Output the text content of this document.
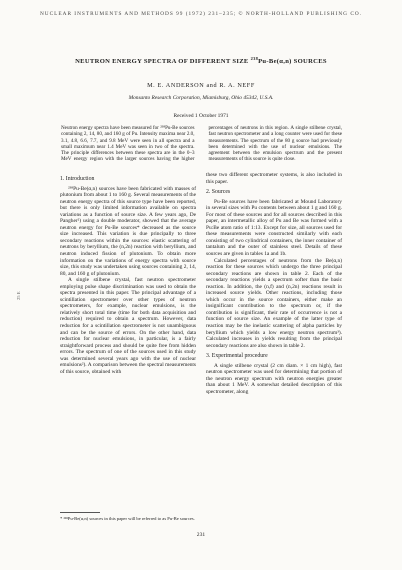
NUCLEAR INSTRUMENTS AND METHODS 99 (1972) 231–235; © NORTH-HOLLAND PUBLISHING CO.
NEUTRON ENERGY SPECTRA OF DIFFERENT SIZE $^{238}$Pu-Be(α,n) SOURCES
M. E. ANDERSON and R. A. NEFF
Monsanto Research Corporation, Miamisburg, Ohio 45342, U.S.A.
Received 1 October 1971
Neutron energy spectra have been measured for ²³⁸Pu-Be sources containing 2, 14, 80, and 160 g of Pu. Intensity maxima near 2.0, 3.1, 4.8, 6.6, 7.7, and 9.8 MeV were seen in all spectra and a small maximum near 1.4 MeV was seen in two of the spectra. The principle differences between these spectra are in the 0–3 MeV energy region with the larger sources having the higher percentages of neutrons in this region. A single stilbene crystal, fast neutron spectrometer and a long counter were used for these measurements. The spectrum of the 80 g source had previously been determined with the use of nuclear emulsions. The agreement between the emulsion spectrum and the present measurements of this source is quite close.
1. Introduction

²³⁸Pu-Be(α,n) sources have been fabricated with masses of plutonium from about 1 to 160 g. Several measurements of the neutron energy spectra of this source type have been reported, but there is only limited information available on spectra variations as a function of source size. A few years ago, De Pangher²) using a double moderator, showed that the average neutron energy for Pu-Be sources* decreased as the source size increased. This variation is due principally to three secondary reactions within the sources: elastic scattering of neutrons by beryllium, the (n,2n) reaction with beryllium, and neutron induced fission of plutonium. To obtain more information on the variations of energy spectra with source size, this study was undertaken using sources containing 2, 14, 80, and 160 g of plutonium.

A single stilbene crystal, fast neutron spectrometer employing pulse shape discrimination was used to obtain the spectra presented in this paper. The principal advantage of a scintillation spectrometer over other types of neutron spectrometers, for example, nuclear emulsions, is the relatively short total time (time for both data acquisition and reduction) required to obtain a spectrum. However, data reduction for a scintillation spectrometer is not unambiguous and can be the source of errors. On the other hand, data reduction for nuclear emulsions, in particular, is a fairly straightforward process and should be quite free from hidden errors. The spectrum of one of the sources used in this study was determined several years ago with the use of nuclear emulsions²). A comparison between the spectral measurements of this source, obtained with

these two different spectrometer systems, is also included in this paper.

2. Sources

Pu-Be sources have been fabricated at Mound Laboratory in several sizes with Pu contents between about 1 g and 160 g. For most of these sources and for all sources described in this paper, an intermetallic alloy of Pu and Be was formed with a Pu:Be atom ratio of 1:13. Except for size, all sources used for these measurements were constructed similarly with each consisting of two cylindrical containers, the inner container of tantalum and the outer of stainless steel. Details of these sources are given in tables 1a and 1b.

Calculated percentages of neutrons from the Be(α,n) reaction for these sources which undergo the three principal secondary reactions are shown in table 2. Each of the secondary reactions yields a spectrum softer than the basic reaction. In addition, the (n,f) and (n,2n) reactions result in increased source yields. Other reactions, including those which occur in the source containers, either make an insignificant contribution to the spectrum or, if the contribution is significant, their rate of occurrence is not a function of source size. An example of the latter type of reaction may be the inelastic scattering of alpha particles by beryllium which yields a low energy neutron spectrum³). Calculated increases in yields resulting from the principal secondary reactions are also shown in table 2.

3. Experimental procedure

A single stilbene crystal (2 cm diam. × 1 cm high), fast neutron spectrometer was used for determining that portion of the neutron energy spectrum with neutron energies greater than about 1 MeV. A somewhat detailed description of this spectrometer, along

* ²³⁸Pu-Be(α,n) sources in this paper will be referred to as Pu-Be sources.
231
25 E
